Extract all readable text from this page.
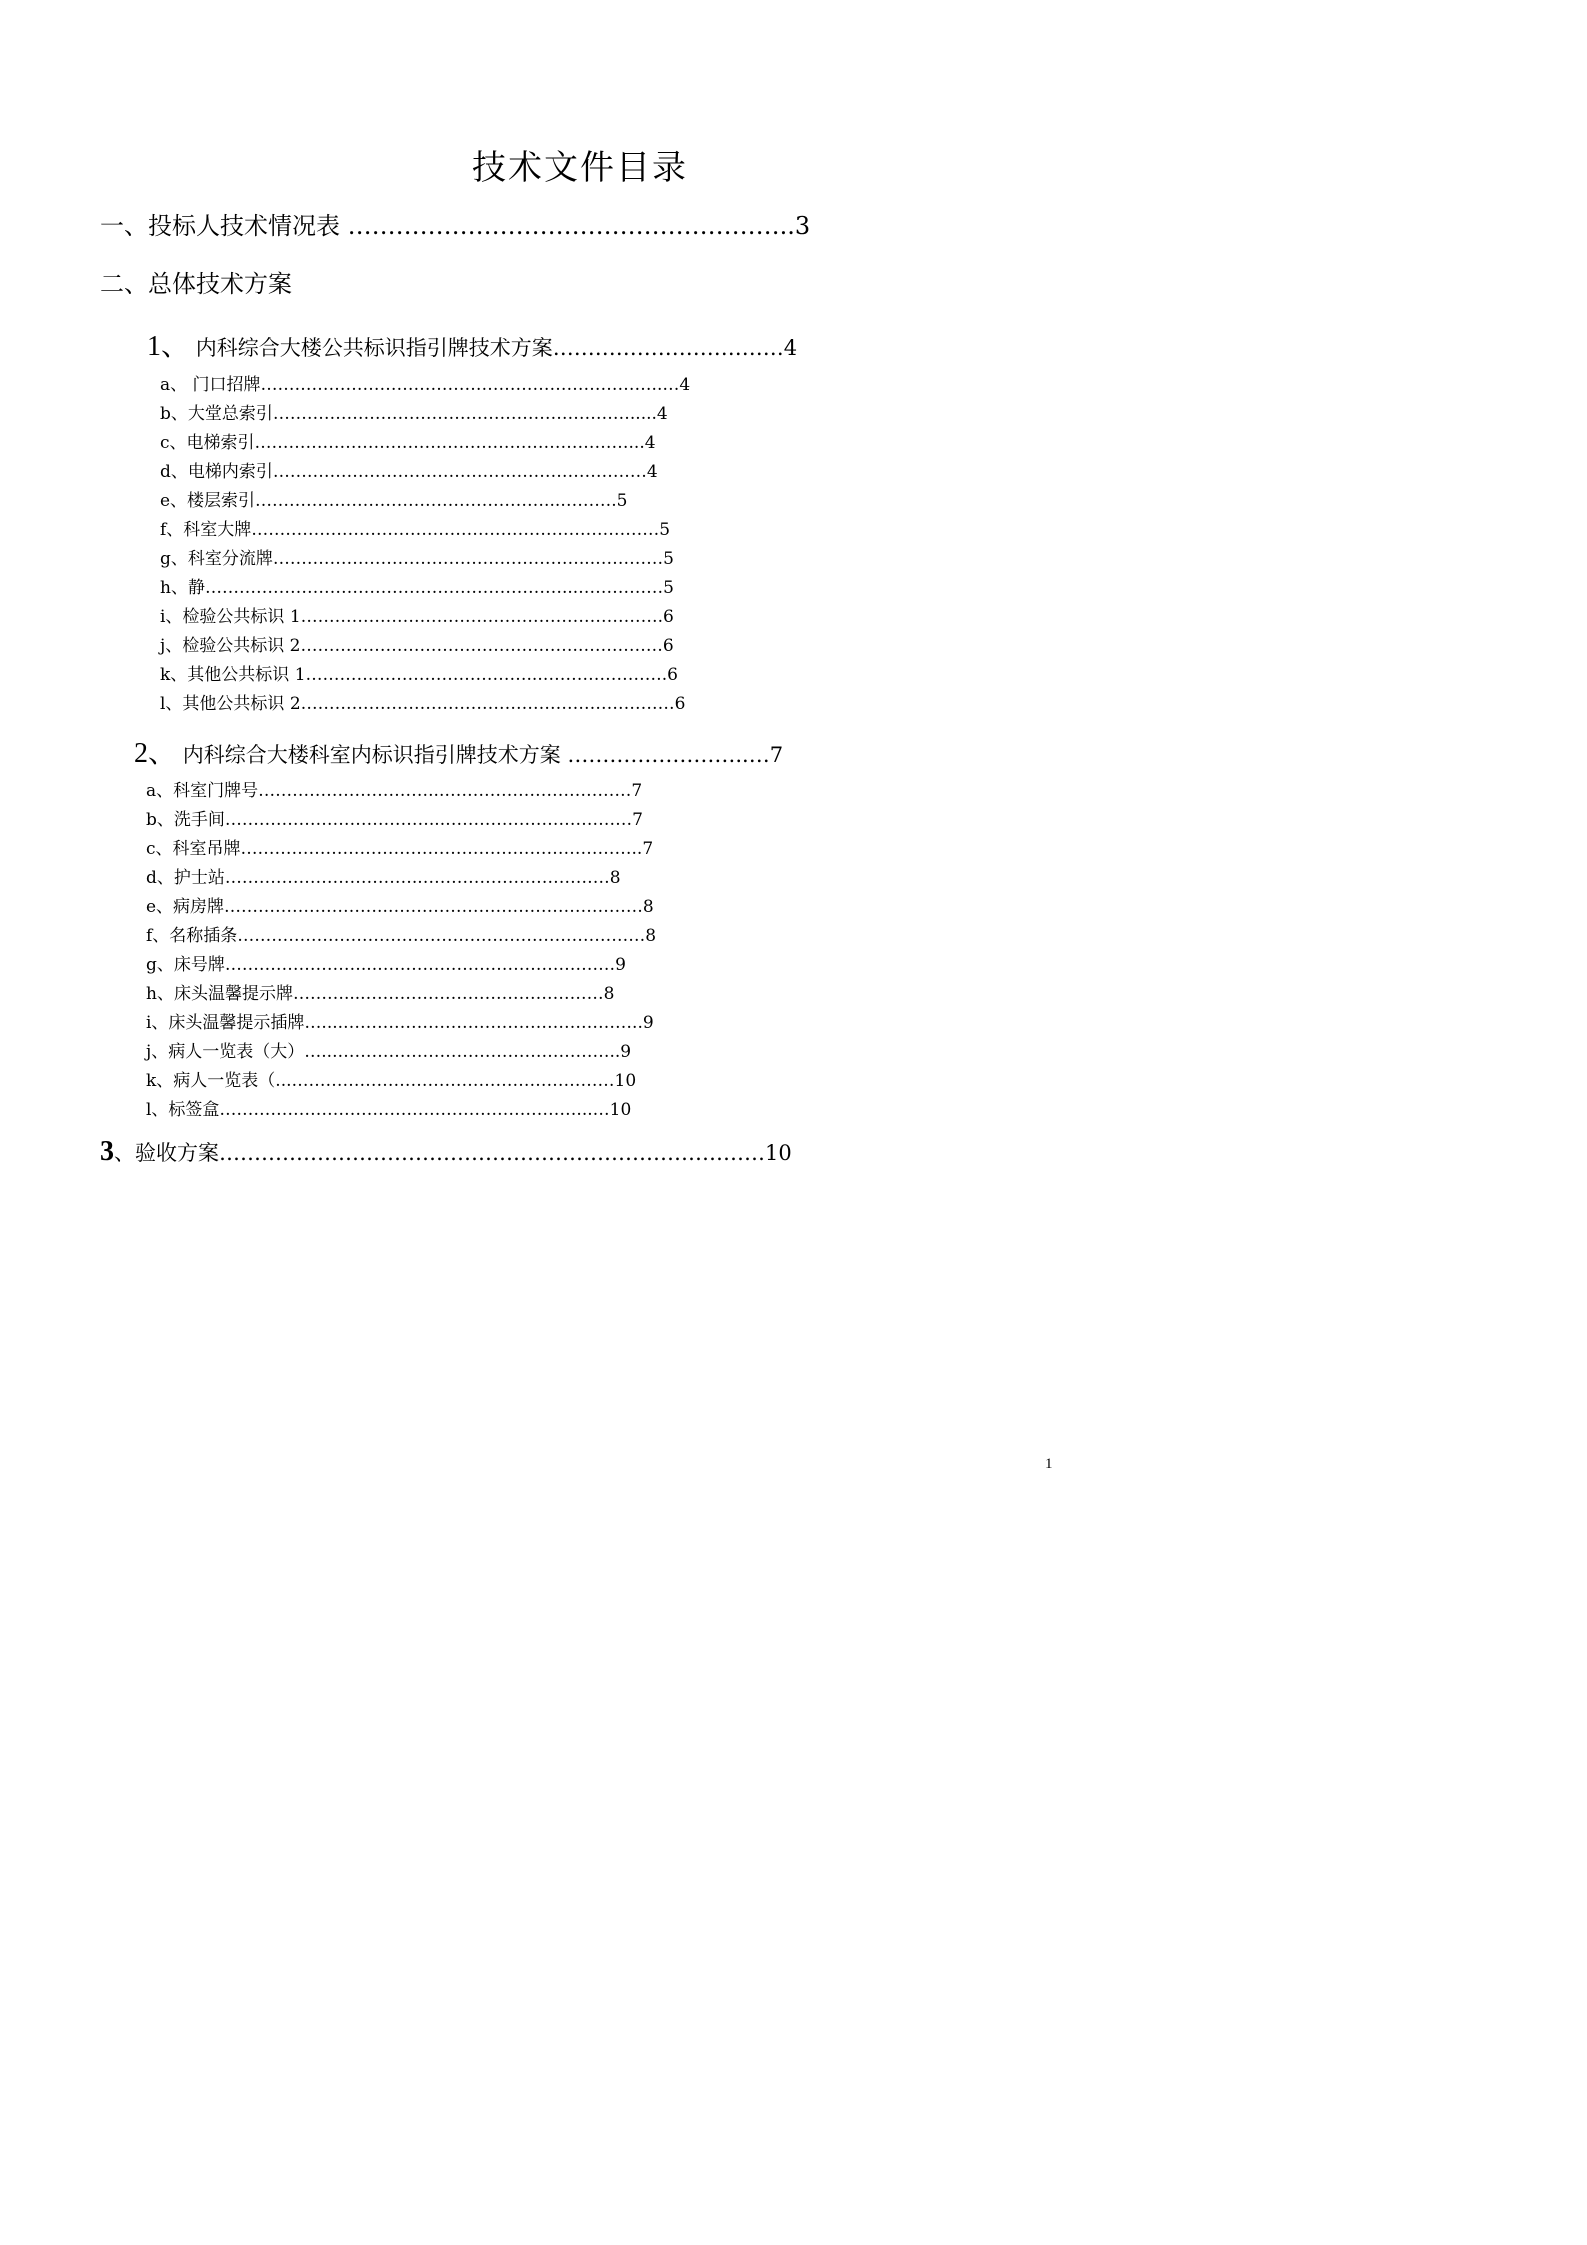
技术文件目录
一、投标人技术情况表 ………………………………………………..3
二、总体技术方案
1、 内科综合大楼公共标识指引牌技术方案……………………………4
a、 门口招牌……………………………………………………………..…4
b、大堂总索引……………………………………………………….....4
c、电梯索引…………………………………………………………...4
d、电梯内索引…………………………………………………………4
e、楼层索引……………………………………………...……….5
f、科室大牌………………………………………………………………5
g、科室分流牌………………………………………………...…………5
h、静………………………………………………………...……………5
i、检验公共标识 1……………………………………………………….6
j、检验公共标识 2………………………………………….……………6
k、其他公共标识 1…………………………………...………………….6
l、其他公共标识 2…………………………………………………………6
2、 内科综合大楼科室内标识指引牌技术方案 ……………………..…7
a、科室门牌号…………………………...……………………………7
b、洗手间………………………………...……………………………7
c、科室吊牌……………………………………………………………..7
d、护士站……………………………..……………………………8
e、病房牌………………………..………………………………………8
f、名称插条………………………………………………………………8
g、床号牌……………………...……………………………………9
h、床头温馨提示牌………....……………………………………8
i、床头温馨提示插牌…....……………………………………………..9
j、病人一览表（大）…...…………………………………………..9
k、病人一览表（...…………………………………………………10
l、标签盒………………………………………………………...…10
3、验收方案……………………………………………………………………10
1
